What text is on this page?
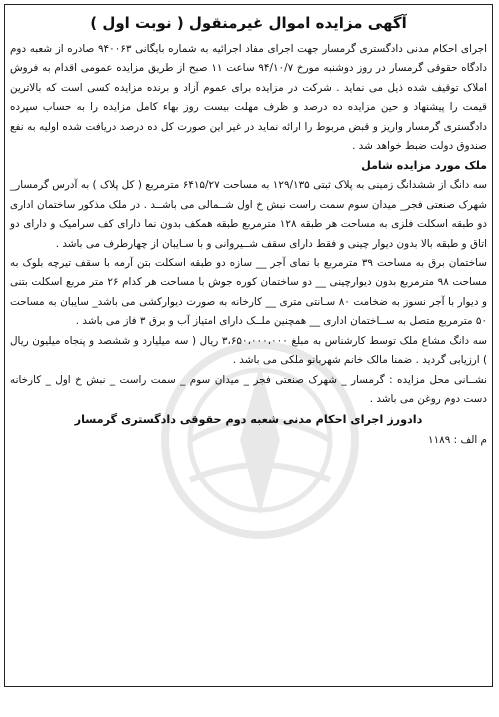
آگهی مزایده اموال غیرمنقول ( نوبت اول )

اجرای احکام مدنی دادگستری گرمسار جهت اجرای مفاد اجرائیه به شماره بایگانی ۹۴۰۰۶۳ صادره از شعبه دوم دادگاه حقوقی گرمسار در روز دوشنبه مورخ ۹۴/۱۰/۷ ساعت ۱۱ صبح از طریق مزایده عمومی اقدام به فروش املاک توقیف شده ذیل می نماید . شرکت در مزایده برای عموم آزاد و برنده مزایده کسی است که بالاترین قیمت را پیشنهاد و حین مزایده ده درصد و ظرف مهلت بیست روز بهاء کامل مزایده را به حساب سپرده دادگستری گرمسار واریز و قبض مربوط را ارائه نماید در غیر این صورت کل ده درصد دریافت شده اولیه به نفع صندوق دولت ضبط خواهد شد .

ملک مورد مزایده شامل

سه دانگ از ششدانگ زمینی به پلاک ثبتی ۱۲۹/۱۳۵ به مساحت ۶۴۱۵/۲۷ مترمربع ( کل پلاک ) به آدرس گرمسار_ شهرک صنعتی فجر_ میدان سوم سمت راست نبش خ اول شــمالی می باشــد . در ملک مذکور ساختمان اداری دو طبقه اسکلت فلزی به مساحت هر طبقه ۱۲۸ مترمربع طبقه همکف بدون نما دارای کف سرامیک و دارای دو اتاق و طبقه بالا بدون دیوار چینی و فقط دارای سقف شــیروانی و با سـایبان از چهارطرف می باشد .

ساختمان برق به مساحت ۳۹ مترمربع با نمای آجر __ سازه دو طبقه اسکلت بتن آرمه با سقف تیرچه بلوک به مساحت ۹۸ مترمربع بدون دیوارچینی __ دو ساختمان کوره جوش با مساحت هر کدام ۲۶ متر مربع اسکلت بتنی و دیوار با آجر نسوز به ضخامت ۸۰ سـانتی متری __ کارخانه به صورت دیوارکشی می باشد_ سایبان به مساحت ۵۰ مترمربع متصل به ســاختمان اداری __ همچنین ملــک دارای امتیاز آب و برق ۳ فاز می باشد .

سه دانگ مشاع ملک توسط کارشناس به مبلغ ۳،۶۵۰،۰۰۰،۰۰۰ ریال ( سه میلیارد و ششصد و پنجاه میلیون ریال ) ارزیابی گردید . ضمنا مالک خانم شهربانو ملکی می باشد .

نشــانی محل مزایده : گرمسار _ شهرک صنعتی فجر _ میدان سوم _ سمت راست _ نبش خ اول _ کارخانه دست دوم روغن می باشد .

دادورز اجرای احکام مدنی شعبه دوم حقوقی دادگستری گرمسار
م الف : ۱۱۸۹
